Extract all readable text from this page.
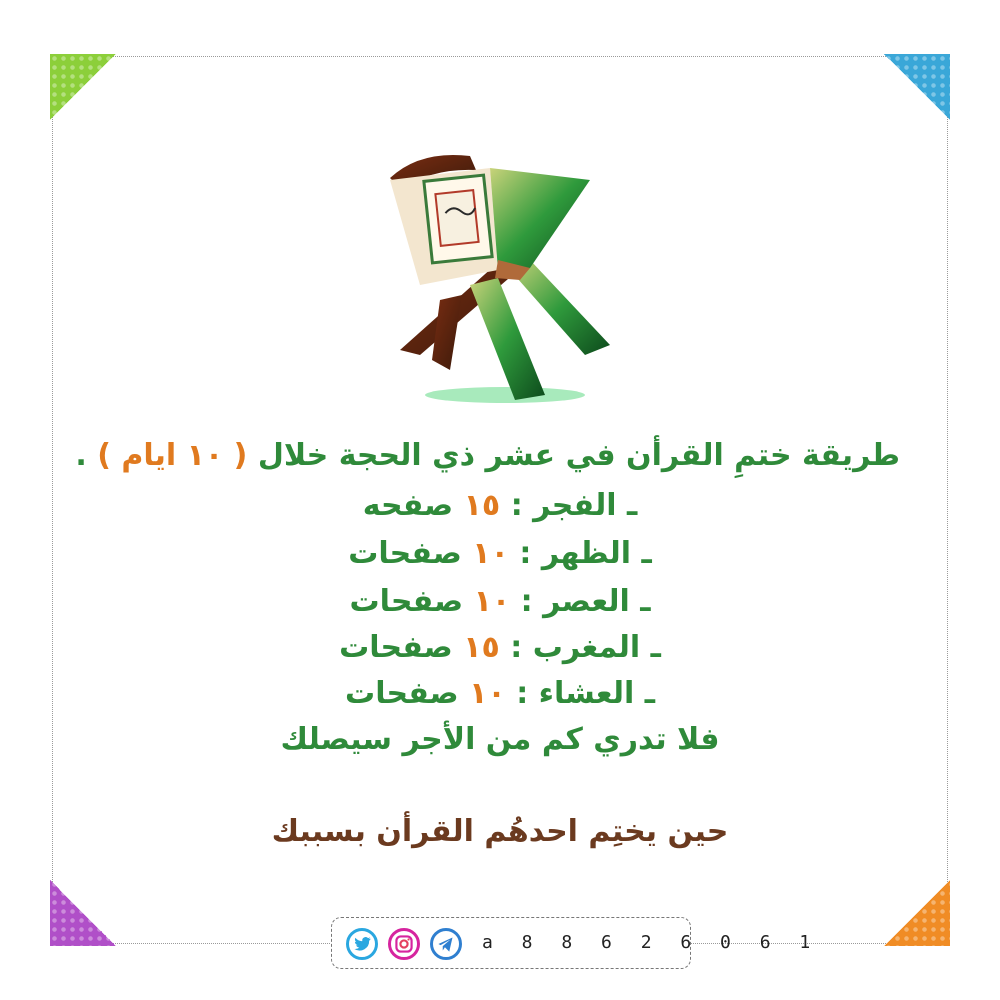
طريقة ختمِ القرأن في عشر ذي الحجة خلال ( ١٠ ايام ) .
ـ الفجر : ١٥ صفحه
ـ الظهر : ١٠ صفحات
ـ العصر : ١٠ صفحات
ـ المغرب : ١٥ صفحات
ـ العشاء : ١٠ صفحات
فلا تدري كم من الأجر سيصلك
حين يختِم احدهُم القرأن بسببك
a 8 8 6 2 6 0 6 1
